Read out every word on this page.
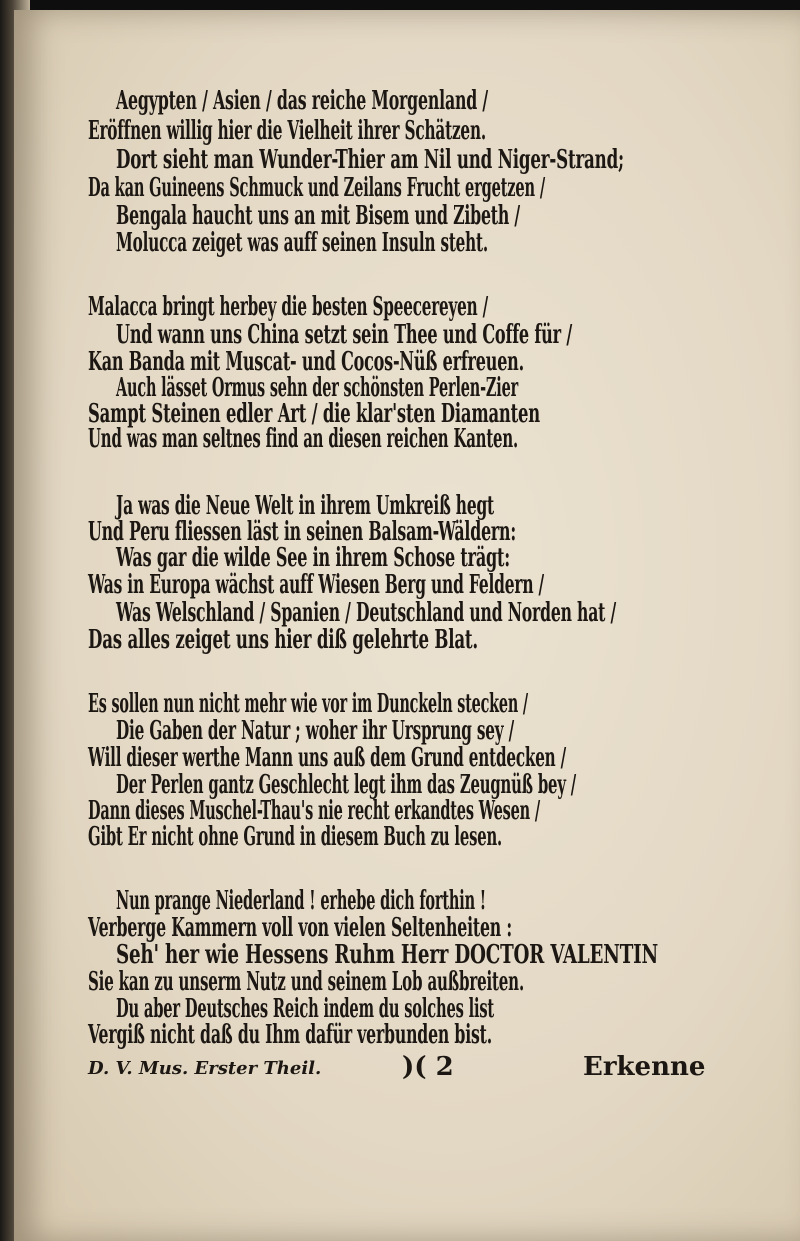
Aegypten / Asien / das reiche Morgenland /
Eröffnen willig hier die Vielheit ihrer Schätzen.
Dort sieht man Wunder-Thier am Nil und Niger-Strand;
Da kan Guineens Schmuck und Zeilans Frucht ergetzen /
Bengala haucht uns an mit Bisem und Zibeth /
Molucca zeiget was auff seinen Insuln steht.
Malacca bringt herbey die besten Speecereyen /
Und wann uns China setzt sein Thee und Coffe für /
Kan Banda mit Muscat- und Cocos-Nüß erfreuen.
Auch lässet Ormus sehn der schönsten Perlen-Zier
Sampt Steinen edler Art / die klar'sten Diamanten
Und was man seltnes find an diesen reichen Kanten.
Ja was die Neue Welt in ihrem Umkreiß hegt
Und Peru fliessen läst in seinen Balsam-Wäldern:
Was gar die wilde See in ihrem Schose trägt:
Was in Europa wächst auff Wiesen Berg und Feldern /
Was Welschland / Spanien / Deutschland und Norden hat /
Das alles zeiget uns hier diß gelehrte Blat.
Es sollen nun nicht mehr wie vor im Dunckeln stecken /
Die Gaben der Natur ; woher ihr Ursprung sey /
Will dieser werthe Mann uns auß dem Grund entdecken /
Der Perlen gantz Geschlecht legt ihm das Zeugnüß bey /
Dann dieses Muschel-Thau's nie recht erkandtes Wesen /
Gibt Er nicht ohne Grund in diesem Buch zu lesen.
Nun prange Niederland ! erhebe dich forthin !
Verberge Kammern voll von vielen Seltenheiten :
Seh' her wie Hessens Ruhm Herr DOCTOR VALENTIN
Sie kan zu unserm Nutz und seinem Lob außbreiten.
Du aber Deutsches Reich indem du solches list
Vergiß nicht daß du Ihm dafür verbunden bist.
D. V. Mus. Erster Theil.	)( 2	Erkenne
